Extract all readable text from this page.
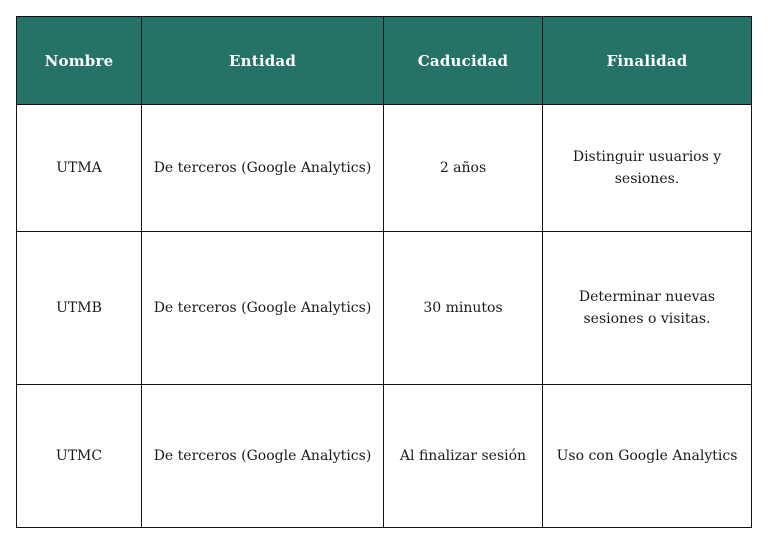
Nombre	Entidad	Caducidad	Finalidad
UTMA	De terceros (Google Analytics)	2 años	Distinguir usuarios y sesiones.
UTMB	De terceros (Google Analytics)	30 minutos	Determinar nuevas sesiones o visitas.
UTMC	De terceros (Google Analytics)	Al finalizar sesión	Uso con Google Analytics
